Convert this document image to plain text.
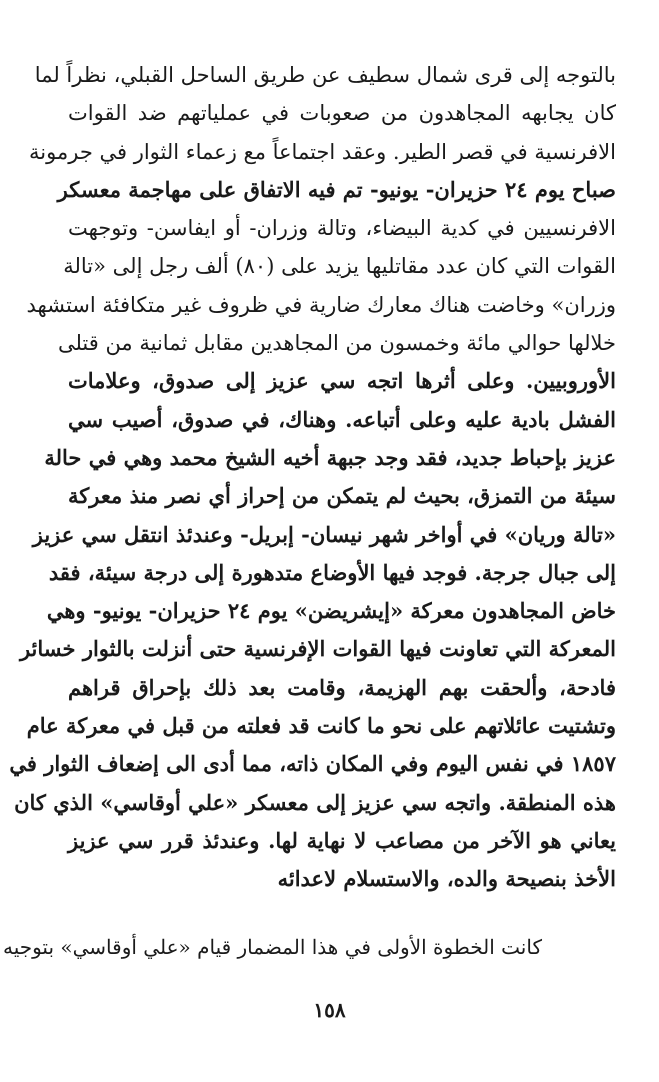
بالتوجه إلى قرى شمال سطيف عن طريق الساحل القبلي، نظراً لما
كان يجابهه المجاهدون من صعوبات في عملياتهم ضد القوات
الافرنسية في قصر الطير. وعقد اجتماعاً مع زعماء الثوار في جرمونة
صباح يوم ٢٤ حزيران- يونيو- تم فيه الاتفاق على مهاجمة معسكر
الافرنسيين في كدية البيضاء، وتالة وزران- أو ايفاسن- وتوجهت
القوات التي كان عدد مقاتليها يزيد على (٨٠) ألف رجل إلى «تالة
وزران» وخاضت هناك معارك ضارية في ظروف غير متكافئة استشهد
خلالها حوالي مائة وخمسون من المجاهدين مقابل ثمانية من قتلى
الأوروبيين. وعلى أثرها اتجه سي عزيز إلى صدوق، وعلامات
الفشل بادية عليه وعلى أتباعه. وهناك، في صدوق، أصيب سي
عزيز بإحباط جديد، فقد وجد جبهة أخيه الشيخ محمد وهي في حالة
سيئة من التمزق، بحيث لم يتمكن من إحراز أي نصر منذ معركة
«تالة وريان» في أواخر شهر نيسان- إبريل- وعندئذ انتقل سي عزيز
إلى جبال جرجة. فوجد فيها الأوضاع متدهورة إلى درجة سيئة، فقد
خاض المجاهدون معركة «إيشريضن» يوم ٢٤ حزيران- يونيو- وهي
المعركة التي تعاونت فيها القوات الإفرنسية حتى أنزلت بالثوار خسائر
فادحة، وألحقت بهم الهزيمة، وقامت بعد ذلك بإحراق قراهم
وتشتيت عائلاتهم على نحو ما كانت قد فعلته من قبل في معركة عام
١٨٥٧ في نفس اليوم وفي المكان ذاته، مما أدى الى إضعاف الثوار في
هذه المنطقة. واتجه سي عزيز إلى معسكر «علي أوقاسي» الذي كان
يعاني هو الآخر من مصاعب لا نهاية لها. وعندئذ قرر سي عزيز
الأخذ بنصيحة والده، والاستسلام لاعدائه
كانت الخطوة الأولى في هذا المضمار قيام «علي أوقاسي» بتوجيه
١٥٨
